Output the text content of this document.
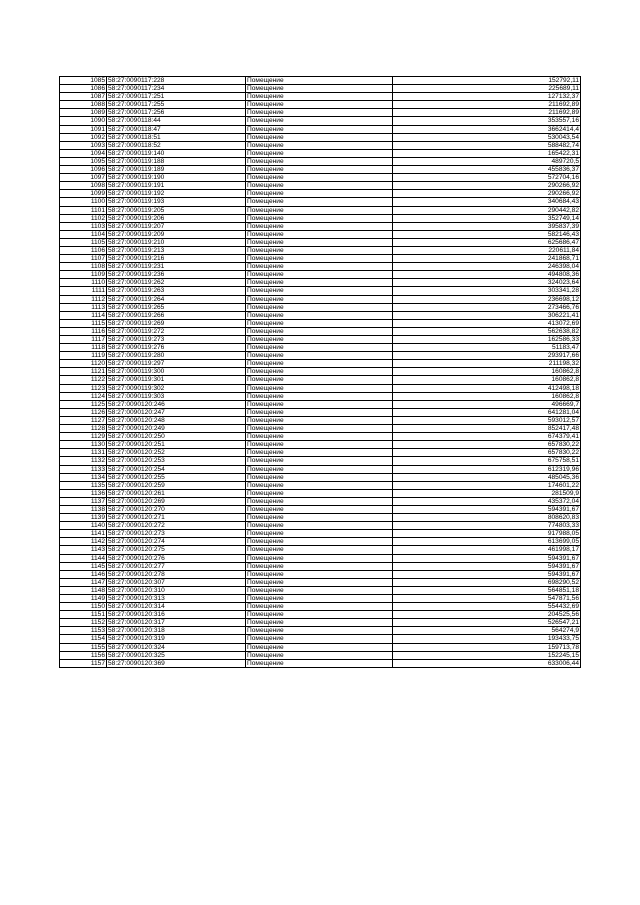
1085	58:27:0090117:228	Помещение	152792,11
1086	58:27:0090117:234	Помещение	225689,11
1087	58:27:0090117:251	Помещение	127132,37
1088	58:27:0090117:255	Помещение	211692,89
1089	58:27:0090117:256	Помещение	211692,89
1090	58:27:0090118:44	Помещение	353557,16
1091	58:27:0090118:47	Помещение	3662414,4
1092	58:27:0090118:51	Помещение	530043,54
1093	58:27:0090118:52	Помещение	588482,74
1094	58:27:0090119:140	Помещение	165422,31
1095	58:27:0090119:188	Помещение	489720,5
1096	58:27:0090119:189	Помещение	455836,37
1097	58:27:0090119:190	Помещение	572704,16
1098	58:27:0090119:191	Помещение	290266,92
1099	58:27:0090119:192	Помещение	290266,92
1100	58:27:0090119:193	Помещение	340684,43
1101	58:27:0090119:205	Помещение	290442,82
1102	58:27:0090119:206	Помещение	352749,14
1103	58:27:0090119:207	Помещение	395837,39
1104	58:27:0090119:209	Помещение	582146,43
1105	58:27:0090119:210	Помещение	625686,47
1106	58:27:0090119:213	Помещение	220611,84
1107	58:27:0090119:216	Помещение	241868,71
1108	58:27:0090119:231	Помещение	246398,04
1109	58:27:0090119:236	Помещение	494808,36
1110	58:27:0090119:262	Помещение	324023,64
1111	58:27:0090119:263	Помещение	303341,28
1112	58:27:0090119:264	Помещение	236698,12
1113	58:27:0090119:265	Помещение	273466,76
1114	58:27:0090119:266	Помещение	306221,41
1115	58:27:0090119:269	Помещение	413072,69
1116	58:27:0090119:272	Помещение	562638,82
1117	58:27:0090119:273	Помещение	162586,33
1118	58:27:0090119:276	Помещение	51183,47
1119	58:27:0090119:280	Помещение	293917,66
1120	58:27:0090119:297	Помещение	211198,32
1121	58:27:0090119:300	Помещение	160862,8
1122	58:27:0090119:301	Помещение	160862,8
1123	58:27:0090119:302	Помещение	412498,18
1124	58:27:0090119:303	Помещение	160862,8
1125	58:27:0090120:246	Помещение	496669,7
1126	58:27:0090120:247	Помещение	641281,04
1127	58:27:0090120:248	Помещение	593012,57
1128	58:27:0090120:249	Помещение	852417,48
1129	58:27:0090120:250	Помещение	674379,41
1130	58:27:0090120:251	Помещение	657830,22
1131	58:27:0090120:252	Помещение	657830,22
1132	58:27:0090120:253	Помещение	675758,51
1133	58:27:0090120:254	Помещение	612319,96
1134	58:27:0090120:255	Помещение	485045,36
1135	58:27:0090120:259	Помещение	174601,22
1136	58:27:0090120:261	Помещение	281509,9
1137	58:27:0090120:269	Помещение	435372,04
1138	58:27:0090120:270	Помещение	594391,67
1139	58:27:0090120:271	Помещение	808620,83
1140	58:27:0090120:272	Помещение	774803,33
1141	58:27:0090120:273	Помещение	917988,05
1142	58:27:0090120:274	Помещение	613699,05
1143	58:27:0090120:275	Помещение	461998,17
1144	58:27:0090120:276	Помещение	594391,67
1145	58:27:0090120:277	Помещение	594391,67
1146	58:27:0090120:278	Помещение	594391,67
1147	58:27:0090120:307	Помещение	698290,52
1148	58:27:0090120:310	Помещение	564851,18
1149	58:27:0090120:313	Помещение	547871,56
1150	58:27:0090120:314	Помещение	554432,69
1151	58:27:0090120:316	Помещение	204525,56
1152	58:27:0090120:317	Помещение	526547,21
1153	58:27:0090120:318	Помещение	564274,9
1154	58:27:0090120:319	Помещение	193433,75
1155	58:27:0090120:324	Помещение	159713,78
1156	58:27:0090120:325	Помещение	152245,15
1157	58:27:0090120:369	Помещение	633006,44
